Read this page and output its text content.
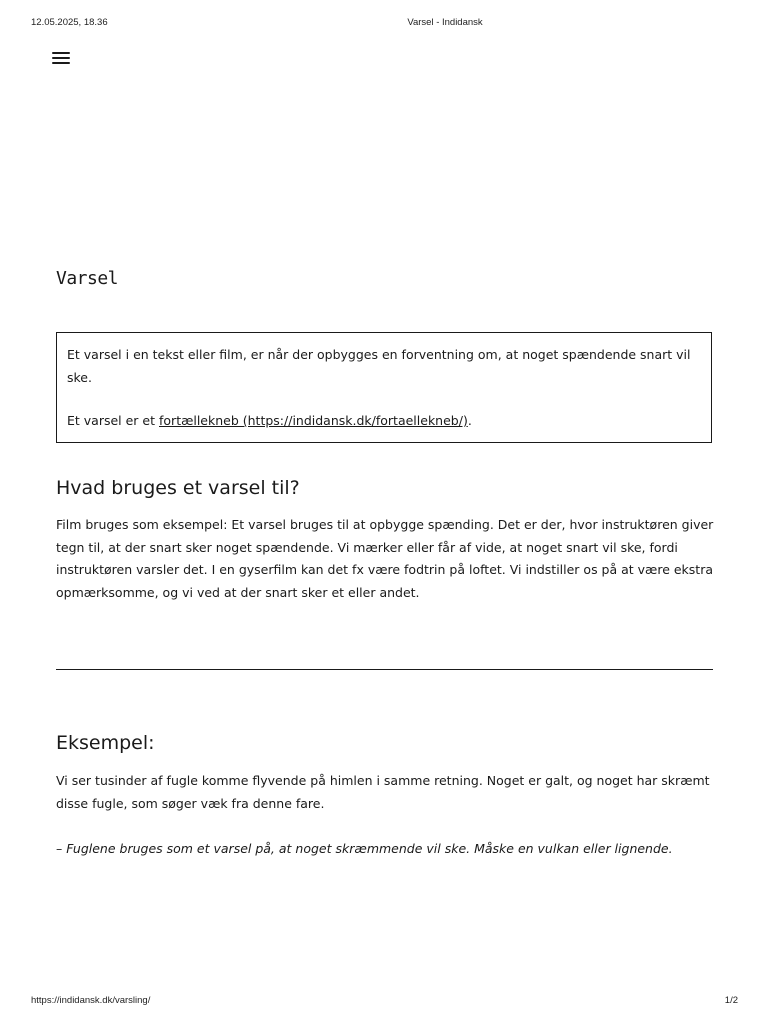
12.05.2025, 18.36	Varsel - Indidansk
Varsel

Et varsel i en tekst eller film, er når der opbygges en forventning om, at noget spændende snart vil ske.

Et varsel er et fortællekneb (https://indidansk.dk/fortaellekneb/).

Hvad bruges et varsel til?

Film bruges som eksempel: Et varsel bruges til at opbygge spænding. Det er der, hvor instruktøren giver tegn til, at der snart sker noget spændende. Vi mærker eller får af vide, at noget snart vil ske, fordi instruktøren varsler det. I en gyserfilm kan det fx være fodtrin på loftet. Vi indstiller os på at være ekstra opmærksomme, og vi ved at der snart sker et eller andet.

Eksempel:

Vi ser tusinder af fugle komme flyvende på himlen i samme retning. Noget er galt, og noget har skræmt disse fugle, som søger væk fra denne fare.

– Fuglene bruges som et varsel på, at noget skræmmende vil ske. Måske en vulkan eller lignende.

https://indidansk.dk/varsling/	1/2
